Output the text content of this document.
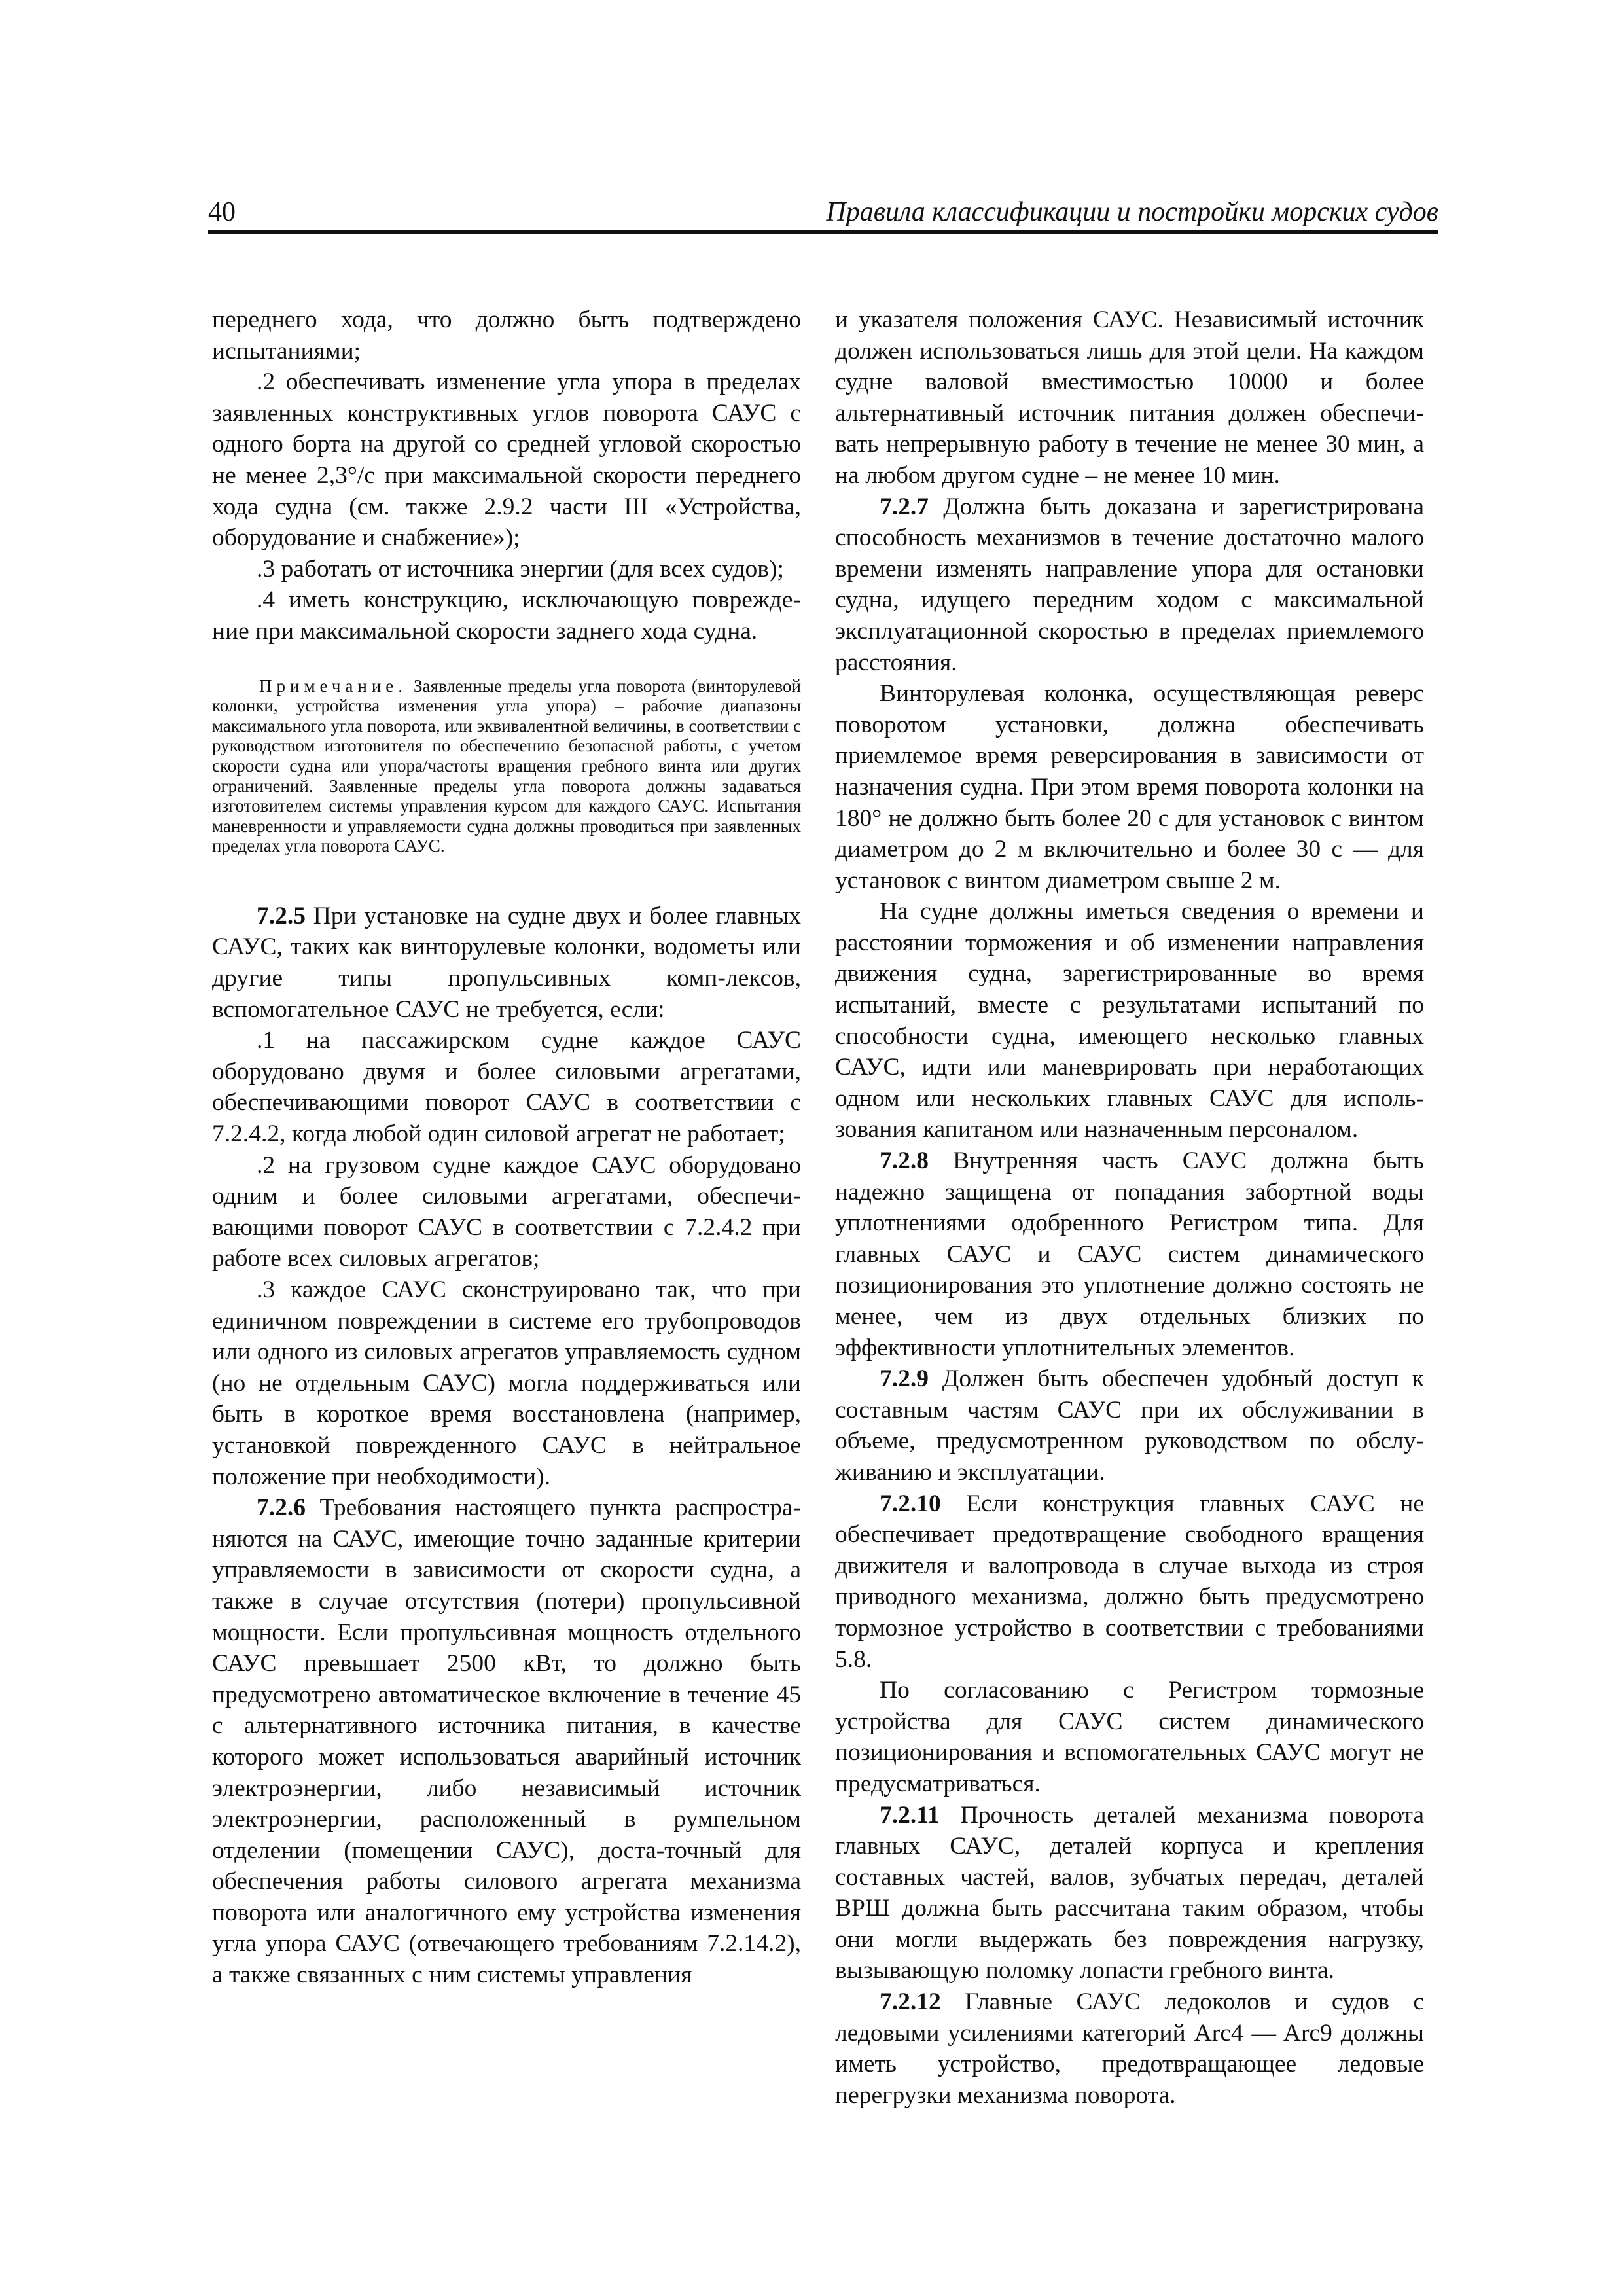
40	Правила классификации и постройки морских судов

переднего хода, что должно быть подтверждено испытаниями;

.2 обеспечивать изменение угла упора в пределах заявленных конструктивных углов поворота САУС с одного борта на другой со средней угловой скоростью не менее 2,3°/с при максимальной скорости переднего хода судна (см. также 2.9.2 части III «Устройства, оборудование и снабжение»);

.3 работать от источника энергии (для всех судов);

.4 иметь конструкцию, исключающую поврежде-ние при максимальной скорости заднего хода судна.

Примечание. Заявленные пределы угла поворота (винторулевой колонки, устройства изменения угла упора) – рабочие диапазоны максимального угла поворота, или эквивалентной величины, в соответствии с руководством изготовителя по обеспечению безопасной работы, с учетом скорости судна или упора/частоты вращения гребного винта или других ограничений. Заявленные пределы угла поворота должны задаваться изготовителем системы управления курсом для каждого САУС. Испытания маневренности и управляемости судна должны проводиться при заявленных пределах угла поворота САУС.

7.2.5 При установке на судне двух и более главных САУС, таких как винторулевые колонки, водометы или другие типы пропульсивных комп-лексов, вспомогательное САУС не требуется, если:

.1 на пассажирском судне каждое САУС оборудовано двумя и более силовыми агрегатами, обеспечивающими поворот САУС в соответствии с 7.2.4.2, когда любой один силовой агрегат не работает;

.2 на грузовом судне каждое САУС оборудовано одним и более силовыми агрегатами, обеспечи-вающими поворот САУС в соответствии с 7.2.4.2 при работе всех силовых агрегатов;

.3 каждое САУС сконструировано так, что при единичном повреждении в системе его трубопроводов или одного из силовых агрегатов управляемость судном (но не отдельным САУС) могла поддерживаться или быть в короткое время восстановлена (например, установкой поврежденного САУС в нейтральное положение при необходимости).

7.2.6 Требования настоящего пункта распростра-няются на САУС, имеющие точно заданные критерии управляемости в зависимости от скорости судна, а также в случае отсутствия (потери) пропульсивной мощности. Если пропульсивная мощность отдельного САУС превышает 2500 кВт, то должно быть предусмотрено автоматическое включение в течение 45 с альтернативного источника питания, в качестве которого может использоваться аварийный источник электроэнергии, либо независимый источник электроэнергии, расположенный в румпельном отделении (помещении САУС), доста-точный для обеспечения работы силового агрегата механизма поворота или аналогичного ему устройства изменения угла упора САУС (отвечающего требованиям 7.2.14.2), а также связанных с ним системы управления

и указателя положения САУС. Независимый источник должен использоваться лишь для этой цели. На каждом судне валовой вместимостью 10000 и более альтернативный источник питания должен обеспечи-вать непрерывную работу в течение не менее 30 мин, а на любом другом судне – не менее 10 мин.

7.2.7 Должна быть доказана и зарегистрирована способность механизмов в течение достаточно малого времени изменять направление упора для остановки судна, идущего передним ходом с максимальной эксплуатационной скоростью в пределах приемлемого расстояния.

Винторулевая колонка, осуществляющая реверс поворотом установки, должна обеспечивать приемлемое время реверсирования в зависимости от назначения судна. При этом время поворота колонки на 180° не должно быть более 20 с для установок с винтом диаметром до 2 м включительно и более 30 с — для установок с винтом диаметром свыше 2 м.

На судне должны иметься сведения о времени и расстоянии торможения и об изменении направления движения судна, зарегистрированные во время испытаний, вместе с результатами испытаний по способности судна, имеющего несколько главных САУС, идти или маневрировать при неработающих одном или нескольких главных САУС для исполь-зования капитаном или назначенным персоналом.

7.2.8 Внутренняя часть САУС должна быть надежно защищена от попадания забортной воды уплотнениями одобренного Регистром типа. Для главных САУС и САУС систем динамического позиционирования это уплотнение должно состоять не менее, чем из двух отдельных близких по эффективности уплотнительных элементов.

7.2.9 Должен быть обеспечен удобный доступ к составным частям САУС при их обслуживании в объеме, предусмотренном руководством по обслу-живанию и эксплуатации.

7.2.10 Если конструкция главных САУС не обеспечивает предотвращение свободного вращения движителя и валопровода в случае выхода из строя приводного механизма, должно быть предусмотрено тормозное устройство в соответствии с требованиями 5.8.

По согласованию с Регистром тормозные устройства для САУС систем динамического позиционирования и вспомогательных САУС могут не предусматриваться.

7.2.11 Прочность деталей механизма поворота главных САУС, деталей корпуса и крепления составных частей, валов, зубчатых передач, деталей ВРШ должна быть рассчитана таким образом, чтобы они могли выдержать без повреждения нагрузку, вызывающую поломку лопасти гребного винта.

7.2.12 Главные САУС ледоколов и судов с ледовыми усилениями категорий Arc4 — Arc9 должны иметь устройство, предотвращающее ледовые перегрузки механизма поворота.
